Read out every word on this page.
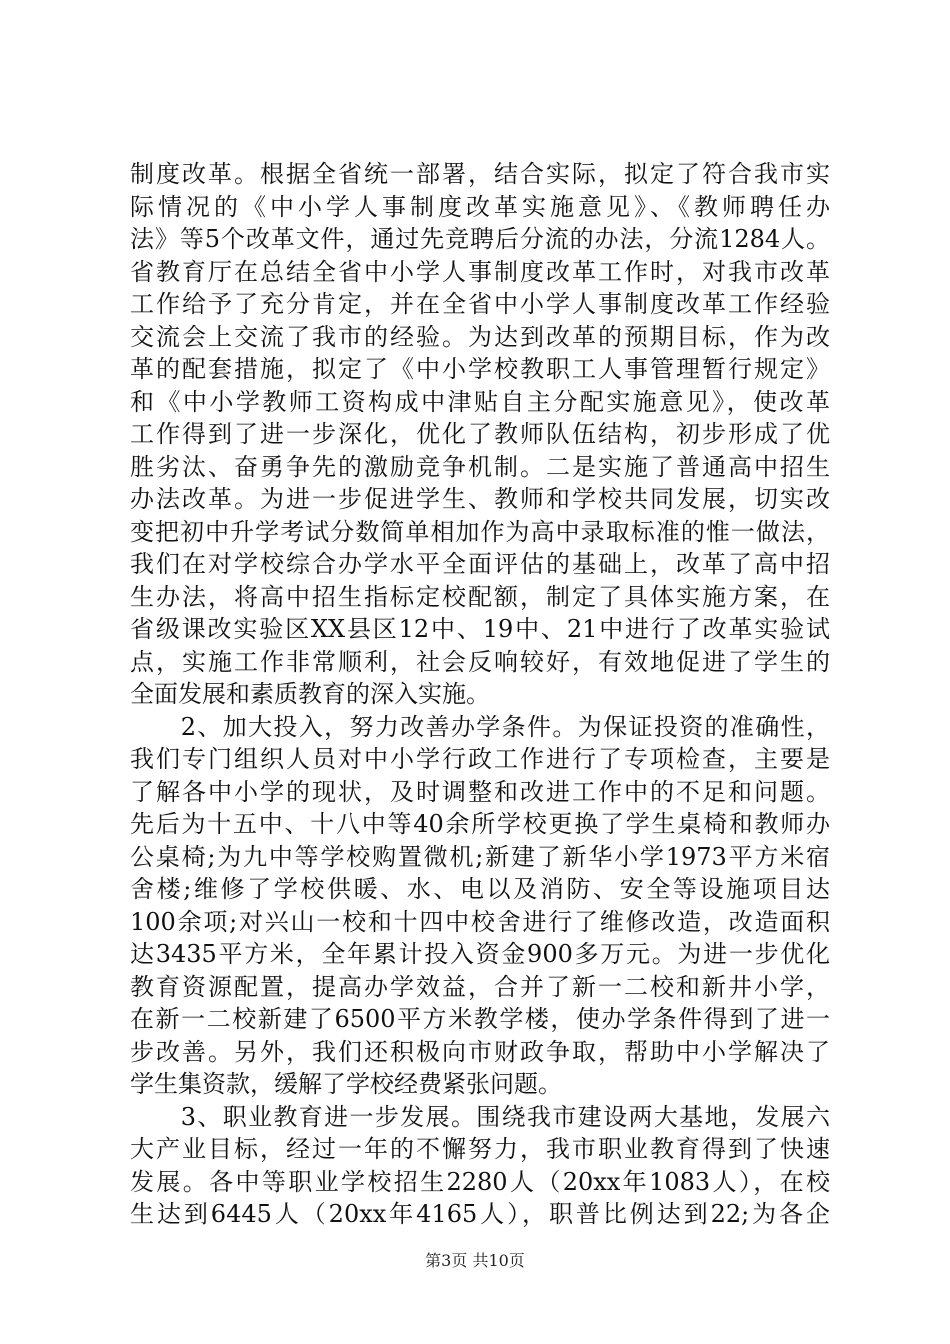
制度改革。根据全省统一部署，结合实际，拟定了符合我市实
际情况的《中小学人事制度改革实施意见》、《教师聘任办
法》等5个改革文件，通过先竞聘后分流的办法，分流1284人。
省教育厅在总结全省中小学人事制度改革工作时，对我市改革
工作给予了充分肯定，并在全省中小学人事制度改革工作经验
交流会上交流了我市的经验。为达到改革的预期目标，作为改
革的配套措施，拟定了《中小学校教职工人事管理暂行规定》
和《中小学教师工资构成中津贴自主分配实施意见》，使改革
工作得到了进一步深化，优化了教师队伍结构，初步形成了优
胜劣汰、奋勇争先的激励竞争机制。二是实施了普通高中招生
办法改革。为进一步促进学生、教师和学校共同发展，切实改
变把初中升学考试分数简单相加作为高中录取标准的惟一做法，
我们在对学校综合办学水平全面评估的基础上，改革了高中招
生办法，将高中招生指标定校配额，制定了具体实施方案，在
省级课改实验区XX县区12中、19中、21中进行了改革实验试
点，实施工作非常顺利，社会反响较好，有效地促进了学生的
全面发展和素质教育的深入实施。
　　2、加大投入，努力改善办学条件。为保证投资的准确性，
我们专门组织人员对中小学行政工作进行了专项检查，主要是
了解各中小学的现状，及时调整和改进工作中的不足和问题。
先后为十五中、十八中等40余所学校更换了学生桌椅和教师办
公桌椅;为九中等学校购置微机;新建了新华小学1973平方米宿
舍楼;维修了学校供暖、水、电以及消防、安全等设施项目达
100余项;对兴山一校和十四中校舍进行了维修改造，改造面积
达3435平方米，全年累计投入资金900多万元。为进一步优化
教育资源配置，提高办学效益，合并了新一二校和新井小学，
在新一二校新建了6500平方米教学楼，使办学条件得到了进一
步改善。另外，我们还积极向市财政争取，帮助中小学解决了
学生集资款，缓解了学校经费紧张问题。
　　3、职业教育进一步发展。围绕我市建设两大基地，发展六
大产业目标，经过一年的不懈努力，我市职业教育得到了快速
发展。各中等职业学校招生2280人（20xx年1083人），在校
生达到6445人（20xx年4165人），职普比例达到22;为各企
第3页 共10页
